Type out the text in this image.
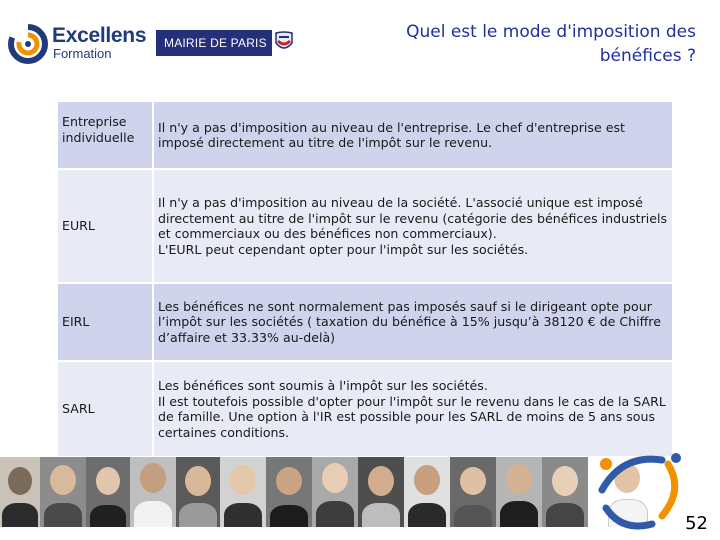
Excellens
Formation
MAIRIE DE PARIS
Quel est le mode d'imposition des
bénéfices ?
Entreprise individuelle	Il n'y a pas d'imposition au niveau de l'entreprise. Le chef d'entreprise est imposé directement au titre de l'impôt sur le revenu.

EURL	Il n'y a pas d'imposition au niveau de la société. L'associé unique est imposé directement au titre de l'impôt sur le revenu (catégorie des bénéfices industriels et commerciaux ou des bénéfices non commerciaux).
L'EURL peut cependant opter pour l'impôt sur les sociétés.

EIRL	Les bénéfices ne sont normalement pas imposés sauf si le dirigeant opte pour l’impôt sur les sociétés ( taxation du bénéfice à 15% jusqu’à 38120 € de Chiffre d’affaire et 33.33% au-delà)

SARL	Les bénéfices sont soumis à l'impôt sur les sociétés.
Il est toutefois possible d'opter pour l'impôt sur le revenu dans le cas de la SARL de famille. Une option à l'IR est possible pour les SARL de moins de 5 ans sous certaines conditions.
52
